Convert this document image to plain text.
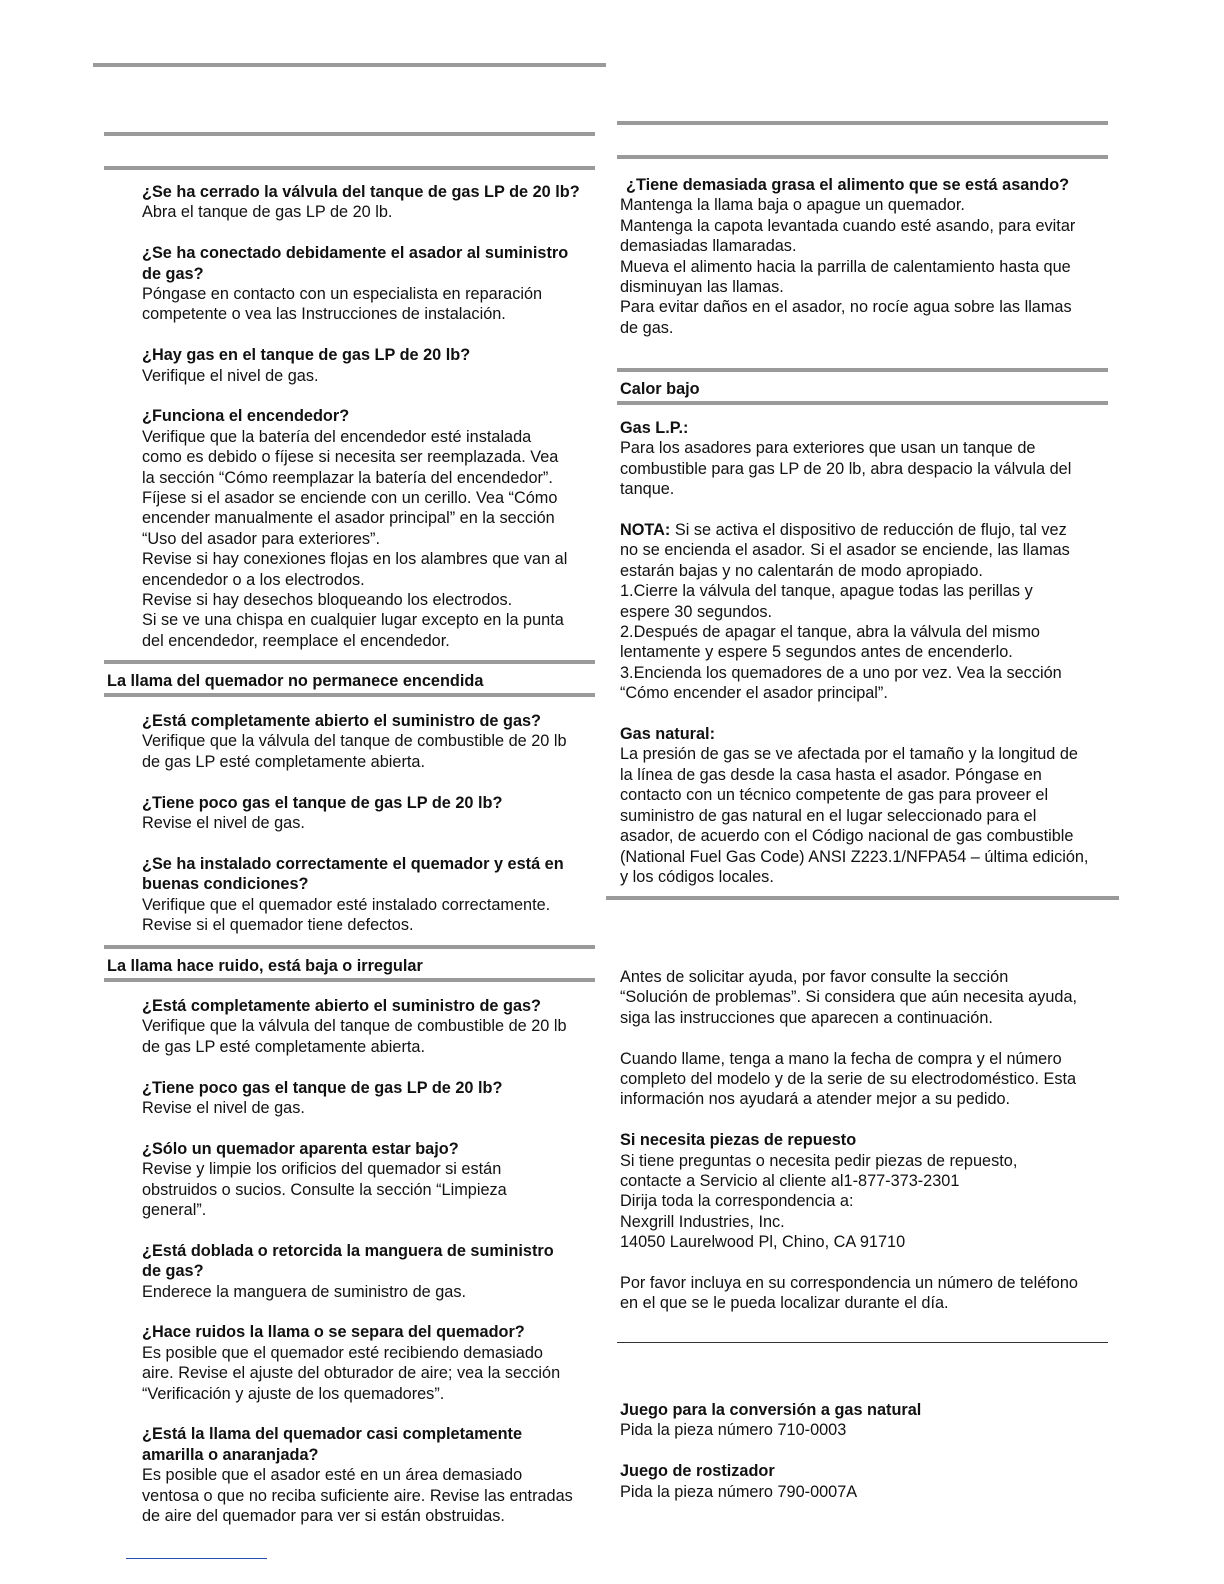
¿Se ha cerrado la válvula del tanque de gas LP de 20 lb?

Abra el tanque de gas LP de 20 lb.

¿Se ha conectado debidamente el asador al suministro

de gas?

Póngase en contacto con un especialista en reparación

competente o vea las Instrucciones de instalación.

¿Hay gas en el tanque de gas LP de 20 lb?

Verifique el nivel de gas.

¿Funciona el encendedor?

Verifique que la batería del encendedor esté instalada

como es debido o fíjese si necesita ser reemplazada. Vea

la sección “Cómo reemplazar la batería del encendedor”.

Fíjese si el asador se enciende con un cerillo. Vea “Cómo

encender manualmente el asador principal” en la sección

“Uso del asador para exteriores”.

Revise si hay conexiones flojas en los alambres que van al

encendedor o a los electrodos.

Revise si hay desechos bloqueando los electrodos.

Si se ve una chispa en cualquier lugar excepto en la punta

del encendedor, reemplace el encendedor.

La llama del quemador no permanece encendida

¿Está completamente abierto el suministro de gas?

Verifique que la válvula del tanque de combustible de 20 lb

de gas LP esté completamente abierta.

¿Tiene poco gas el tanque de gas LP de 20 lb?

Revise el nivel de gas.

¿Se ha instalado correctamente el quemador y está en

buenas condiciones?

Verifique que el quemador esté instalado correctamente.

Revise si el quemador tiene defectos.

La llama hace ruido, está baja o irregular

¿Está completamente abierto el suministro de gas?

Verifique que la válvula del tanque de combustible de 20 lb

de gas LP esté completamente abierta.

¿Tiene poco gas el tanque de gas LP de 20 lb?

Revise el nivel de gas.

¿Sólo un quemador aparenta estar bajo?

Revise y limpie los orificios del quemador si están

obstruidos o sucios. Consulte la sección “Limpieza

general”.

¿Está doblada o retorcida la manguera de suministro

de gas?

Enderece la manguera de suministro de gas.

¿Hace ruidos la llama o se separa del quemador?

Es posible que el quemador esté recibiendo demasiado

aire. Revise el ajuste del obturador de aire; vea la sección

“Verificación y ajuste de los quemadores”.

¿Está la llama del quemador casi completamente

amarilla o anaranjada?

Es posible que el asador esté en un área demasiado

ventosa o que no reciba suficiente aire. Revise las entradas

de aire del quemador para ver si están obstruidas.

¿Tiene demasiada grasa el alimento que se está asando?

Mantenga la llama baja o apague un quemador.

Mantenga la capota levantada cuando esté asando, para evitar

demasiadas llamaradas.

Mueva el alimento hacia la parrilla de calentamiento hasta que

disminuyan las llamas.

Para evitar daños en el asador, no rocíe agua sobre las llamas

de gas.

Calor bajo

Gas L.P.:

Para los asadores para exteriores que usan un tanque de

combustible para gas LP de 20 lb, abra despacio la válvula del

tanque.

NOTA: Si se activa el dispositivo de reducción de flujo, tal vez

no se encienda el asador. Si el asador se enciende, las llamas

estarán bajas y no calentarán de modo apropiado.

1.Cierre la válvula del tanque, apague todas las perillas y

espere 30 segundos.

2.Después de apagar el tanque, abra la válvula del mismo

lentamente y espere 5 segundos antes de encenderlo.

3.Encienda los quemadores de a uno por vez. Vea la sección

“Cómo encender el asador principal”.

Gas natural:

La presión de gas se ve afectada por el tamaño y la longitud de

la línea de gas desde la casa hasta el asador. Póngase en

contacto con un técnico competente de gas para proveer el

suministro de gas natural en el lugar seleccionado para el

asador, de acuerdo con el Código nacional de gas combustible

(National Fuel Gas Code) ANSI Z223.1/NFPA54 – última edición,

y los códigos locales.

Antes de solicitar ayuda, por favor consulte la sección

“Solución de problemas”. Si considera que aún necesita ayuda,

siga las instrucciones que aparecen a continuación.

Cuando llame, tenga a mano la fecha de compra y el número

completo del modelo y de la serie de su electrodoméstico. Esta

información nos ayudará a atender mejor a su pedido.

Si necesita piezas de repuesto

Si tiene preguntas o necesita pedir piezas de repuesto,

contacte a Servicio al cliente al1-877-373-2301

Dirija toda la correspondencia a:

Nexgrill Industries, Inc.

14050 Laurelwood Pl, Chino, CA 91710

Por favor incluya en su correspondencia un número de teléfono

en el que se le pueda localizar durante el día.

Juego para la conversión a gas natural

Pida la pieza número 710-0003

Juego de rostizador

Pida la pieza número 790-0007A
